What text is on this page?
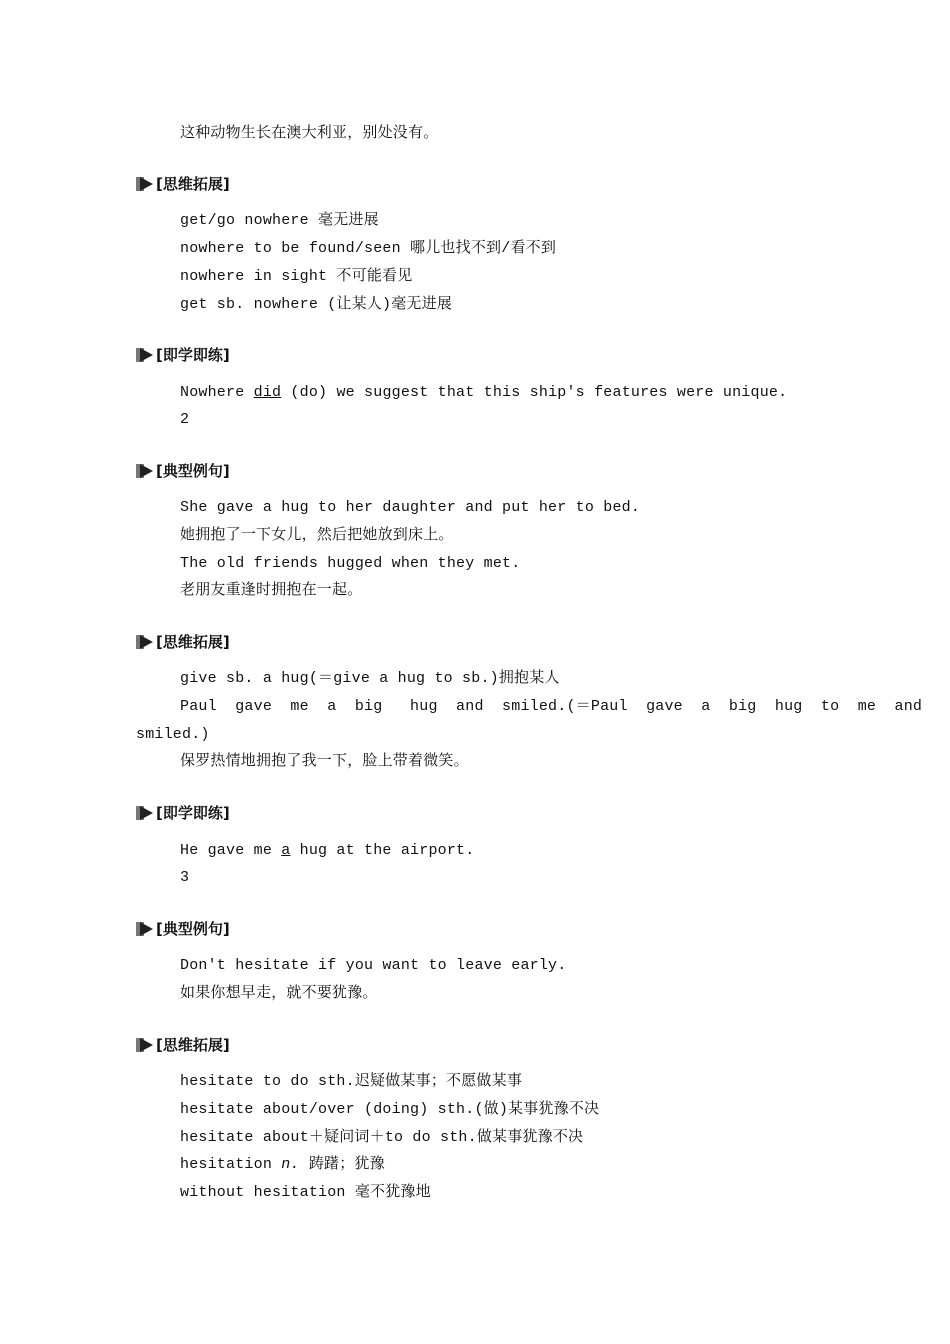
这种动物生长在澳大利亚，别处没有。
[思维拓展]
get/go nowhere 毫无进展
nowhere to be found/seen 哪儿也找不到/看不到
nowhere in sight 不可能看见
get sb. nowhere (让某人)毫无进展
[即学即练]
Nowhere did (do) we suggest that this ship's features were unique.
2
[典型例句]
She gave a hug to her daughter and put her to bed.
她拥抱了一下女儿，然后把她放到床上。
The old friends hugged when they met.
老朋友重逢时拥抱在一起。
[思维拓展]
give sb. a hug(＝give a hug to sb.)拥抱某人
Paul  gave  me  a  big   hug  and  smiled.(＝Paul  gave  a  big  hug  to  me  and
smiled.)
保罗热情地拥抱了我一下，脸上带着微笑。
[即学即练]
He gave me a hug at the airport.
3
[典型例句]
Don't hesitate if you want to leave early.
如果你想早走，就不要犹豫。
[思维拓展]
hesitate to do sth.迟疑做某事；不愿做某事
hesitate about/over (doing) sth.(做)某事犹豫不决
hesitate about＋疑问词＋to do sth.做某事犹豫不决
hesitation n. 踌躇；犹豫
without hesitation 毫不犹豫地
